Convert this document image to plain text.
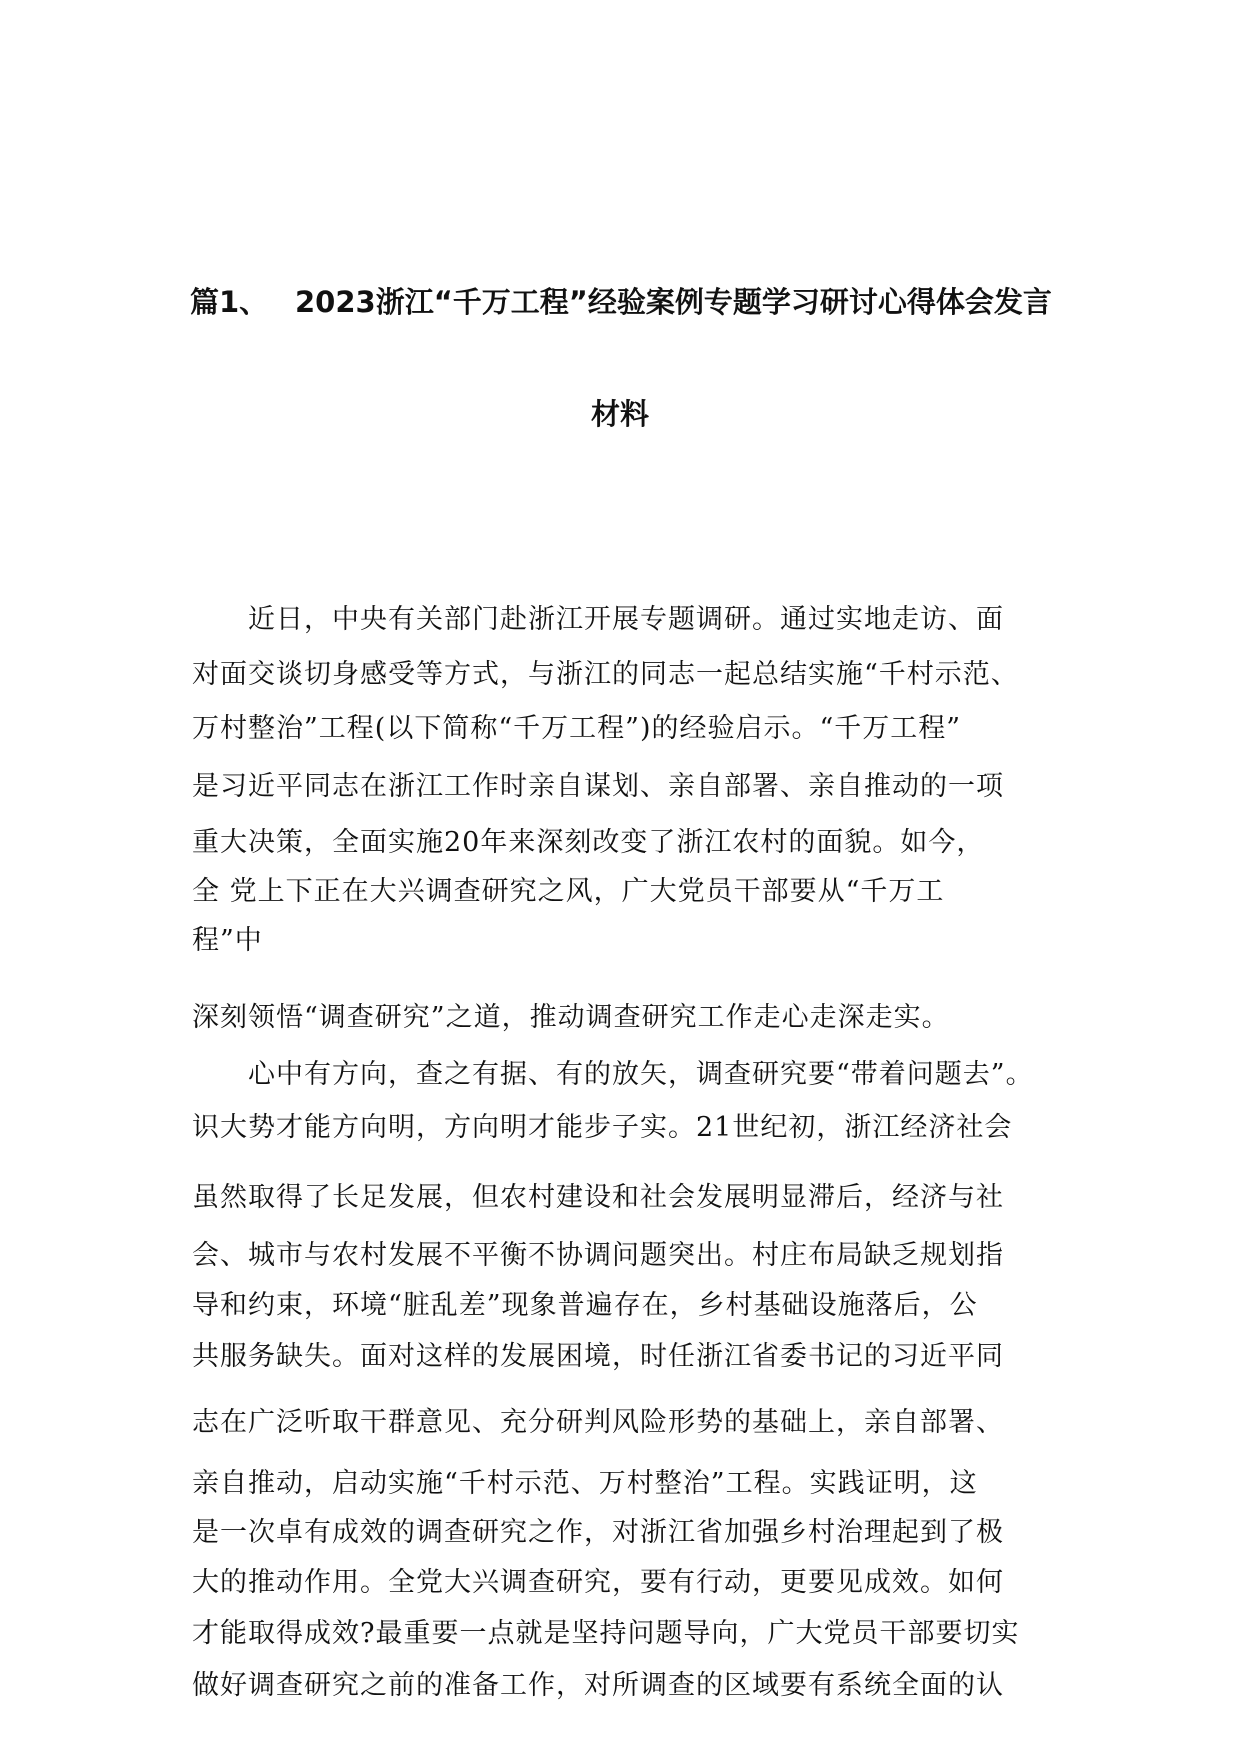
篇1、 2023浙江“千万工程”经验案例专题学习研讨心得体会发言
材料
　　近日，中央有关部门赴浙江开展专题调研。通过实地走访、面
对面交谈切身感受等方式，与浙江的同志一起总结实施“千村示范、
万村整治”工程(以下简称“千万工程”)的经验启示。“千万工程”
是习近平同志在浙江工作时亲自谋划、亲自部署、亲自推动的一项
重大决策，全面实施20年来深刻改变了浙江农村的面貌。如今，
全 党上下正在大兴调查研究之风，广大党员干部要从“千万工
程”中
深刻领悟“调查研究”之道，推动调查研究工作走心走深走实。
　　心中有方向，查之有据、有的放矢，调查研究要“带着问题去”。
识大势才能方向明，方向明才能步子实。21世纪初，浙江经济社会
虽然取得了长足发展，但农村建设和社会发展明显滞后，经济与社
会、城市与农村发展不平衡不协调问题突出。村庄布局缺乏规划指
导和约束，环境“脏乱差”现象普遍存在，乡村基础设施落后，公
共服务缺失。面对这样的发展困境，时任浙江省委书记的习近平同
志在广泛听取干群意见、充分研判风险形势的基础上，亲自部署、
亲自推动，启动实施“千村示范、万村整治”工程。实践证明，这
是一次卓有成效的调查研究之作，对浙江省加强乡村治理起到了极
大的推动作用。全党大兴调查研究，要有行动，更要见成效。如何
才能取得成效?最重要一点就是坚持问题导向，广大党员干部要切实
做好调查研究之前的准备工作，对所调查的区域要有系统全面的认
